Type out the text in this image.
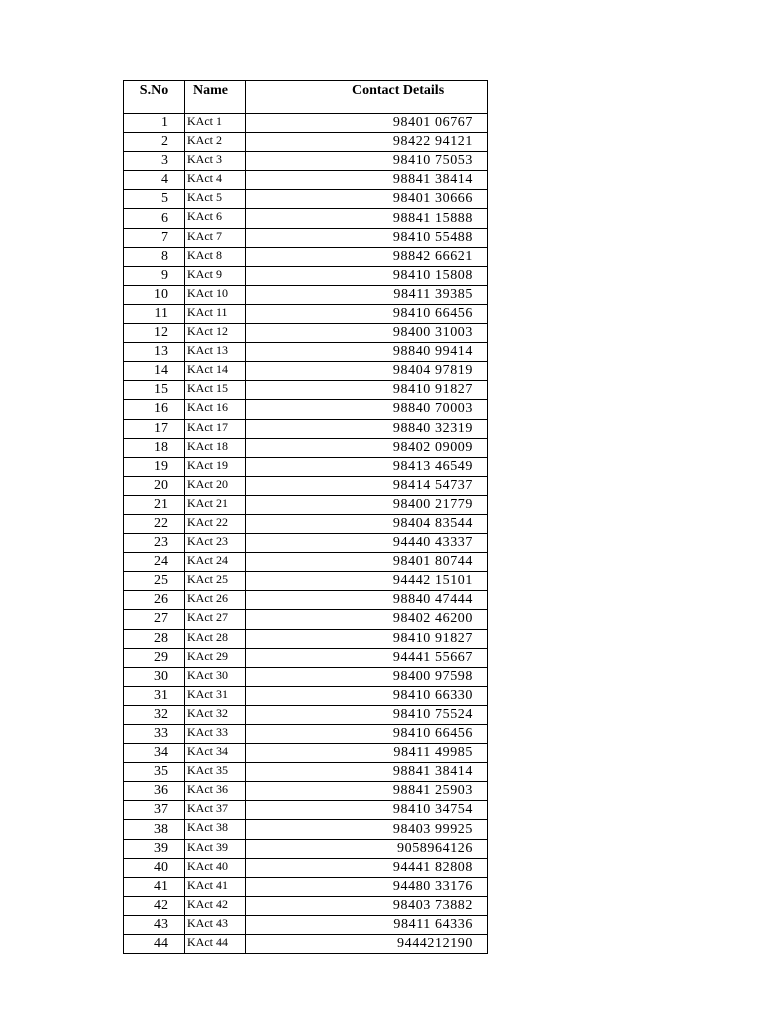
S.No	Name	Contact Details
1	KAct 1	98401 06767
2	KAct 2	98422 94121
3	KAct 3	98410 75053
4	KAct 4	98841 38414
5	KAct 5	98401 30666
6	KAct 6	98841 15888
7	KAct 7	98410 55488
8	KAct 8	98842 66621
9	KAct 9	98410 15808
10	KAct 10	98411 39385
11	KAct 11	98410 66456
12	KAct 12	98400 31003
13	KAct 13	98840 99414
14	KAct 14	98404 97819
15	KAct 15	98410 91827
16	KAct 16	98840 70003
17	KAct 17	98840 32319
18	KAct 18	98402 09009
19	KAct 19	98413 46549
20	KAct 20	98414 54737
21	KAct 21	98400 21779
22	KAct 22	98404 83544
23	KAct 23	94440 43337
24	KAct 24	98401 80744
25	KAct 25	94442 15101
26	KAct 26	98840 47444
27	KAct 27	98402 46200
28	KAct 28	98410 91827
29	KAct 29	94441 55667
30	KAct 30	98400 97598
31	KAct 31	98410 66330
32	KAct 32	98410 75524
33	KAct 33	98410 66456
34	KAct 34	98411 49985
35	KAct 35	98841 38414
36	KAct 36	98841 25903
37	KAct 37	98410 34754
38	KAct 38	98403 99925
39	KAct 39	9058964126
40	KAct 40	94441 82808
41	KAct 41	94480 33176
42	KAct 42	98403 73882
43	KAct 43	98411 64336
44	KAct 44	9444212190
